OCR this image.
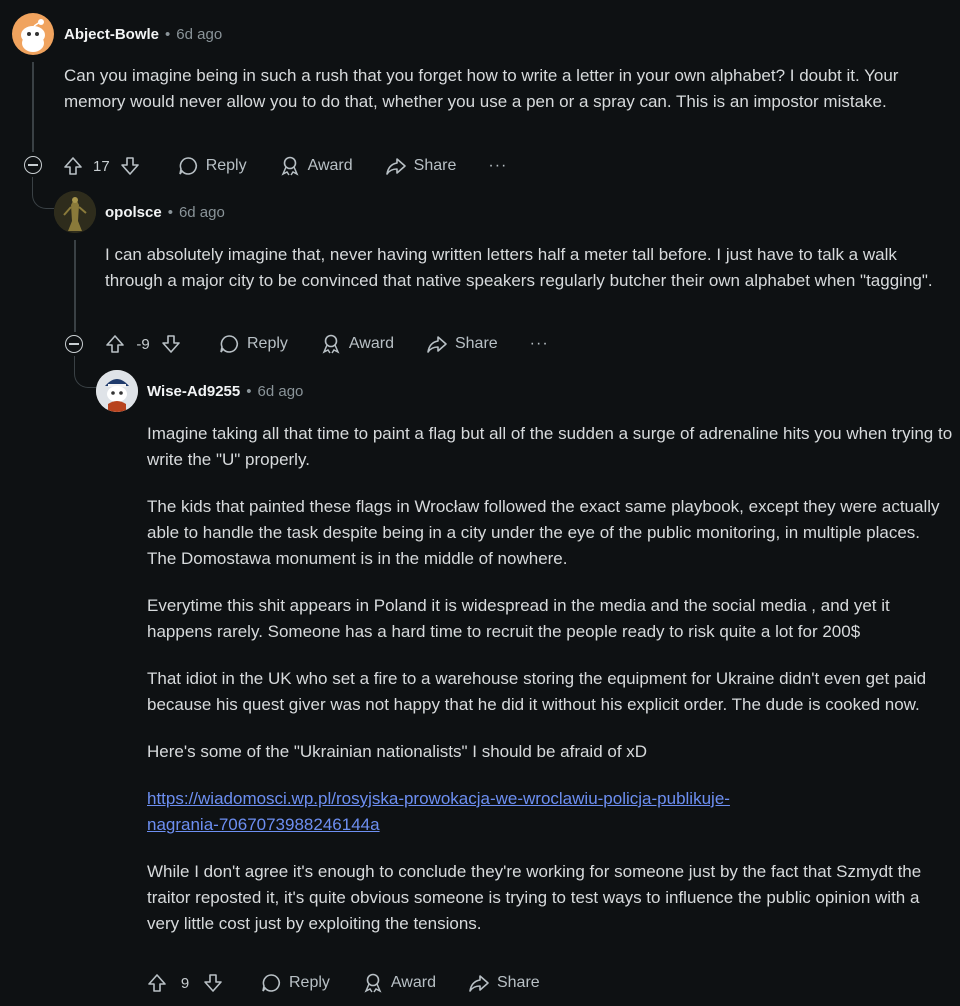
Abject-Bowle • 6d ago

Can you imagine being in such a rush that you forget how to write a letter in your own alphabet? I doubt it. Your memory would never allow you to do that, whether you use a pen or a spray can. This is an impostor mistake.

17	Reply	Award	Share ···
opolsce • 6d ago

I can absolutely imagine that, never having written letters half a meter tall before. I just have to talk a walk through a major city to be convinced that native speakers regularly butcher their own alphabet when "tagging".

-9	Reply	Award	Share ···
Wise-Ad9255 • 6d ago

Imagine taking all that time to paint a flag but all of the sudden a surge of adrenaline hits you when trying to write the "U" properly.

The kids that painted these flags in Wrocław followed the exact same playbook, except they were actually able to handle the task despite being in a city under the eye of the public monitoring, in multiple places. The Domostawa monument is in the middle of nowhere.

Everytime this shit appears in Poland it is widespread in the media and the social media , and yet it happens rarely. Someone has a hard time to recruit the people ready to risk quite a lot for 200$

That idiot in the UK who set a fire to a warehouse storing the equipment for Ukraine didn't even get paid because his quest giver was not happy that he did it without his explicit order. The dude is cooked now.

Here's some of the "Ukrainian nationalists" I should be afraid of xD

https://wiadomosci.wp.pl/rosyjska-prowokacja-we-wroclawiu-policja-publikuje-
nagrania-7067073988246144a

While I don't agree it's enough to conclude they're working for someone just by the fact that Szmydt the traitor reposted it, it's quite obvious someone is trying to test ways to influence the public opinion with a very little cost just by exploiting the tensions.

9	Reply	Award	Share
